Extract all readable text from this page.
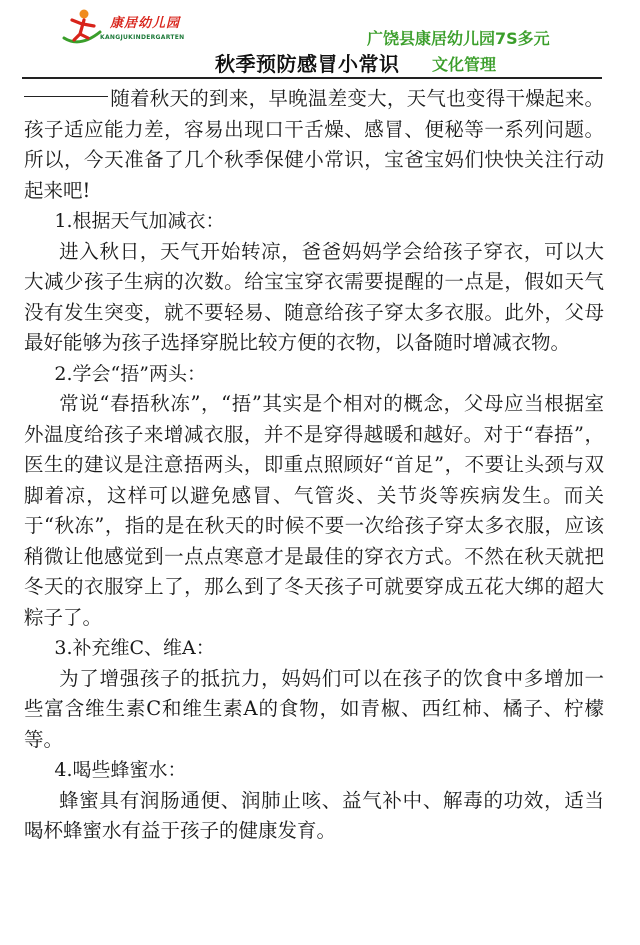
康居幼儿园
KANGJUKINDERGARTEN	广饶县康居幼儿园7S多元
秋季预防感冒小常识 文化管理

随着秋天的到来，早晚温差变大，天气也变得干燥起来。孩子适应能力差，容易出现口干舌燥、感冒、便秘等一系列问题。所以，今天准备了几个秋季保健小常识，宝爸宝妈们快快关注行动起来吧!

1.根据天气加减衣：

进入秋日，天气开始转凉，爸爸妈妈学会给孩子穿衣，可以大大减少孩子生病的次数。给宝宝穿衣需要提醒的一点是，假如天气没有发生突变，就不要轻易、随意给孩子穿太多衣服。此外，父母最好能够为孩子选择穿脱比较方便的衣物，以备随时增减衣物。

2.学会“捂”两头：

常说“春捂秋冻”，“捂”其实是个相对的概念，父母应当根据室外温度给孩子来增减衣服，并不是穿得越暖和越好。对于“春捂”，医生的建议是注意捂两头，即重点照顾好“首足”，不要让头颈与双脚着凉，这样可以避免感冒、气管炎、关节炎等疾病发生。而关于“秋冻”，指的是在秋天的时候不要一次给孩子穿太多衣服，应该稍微让他感觉到一点点寒意才是最佳的穿衣方式。不然在秋天就把冬天的衣服穿上了，那么到了冬天孩子可就要穿成五花大绑的超大粽子了。

3.补充维C、维A：

为了增强孩子的抵抗力，妈妈们可以在孩子的饮食中多增加一些富含维生素C和维生素A的食物，如青椒、西红柿、橘子、柠檬等。

4.喝些蜂蜜水：

蜂蜜具有润肠通便、润肺止咳、益气补中、解毒的功效，适当喝杯蜂蜜水有益于孩子的健康发育。
